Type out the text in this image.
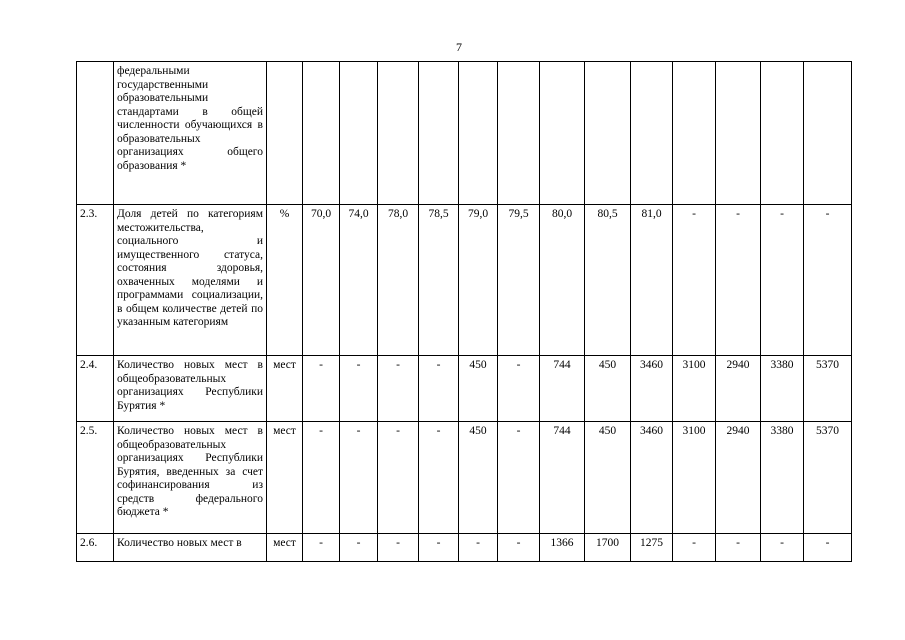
7
	федеральными государственными образовательными стандартами в общей численности обучающихся в образовательных организациях общего образования *														
2.3.	Доля детей по категориям местожительства, социального и имущественного статуса, состояния здоровья, охваченных моделями и программами социализации, в общем количестве детей по указанным категориям	%	70,0	74,0	78,0	78,5	79,0	79,5	80,0	80,5	81,0	-	-	-	-
2.4.	Количество новых мест в общеобразовательных организациях Республики Бурятия *	мест	-	-	-	-	450	-	744	450	3460	3100	2940	3380	5370
2.5.	Количество новых мест в общеобразовательных организациях Республики Бурятия, введенных за счет софинансирования из средств федерального бюджета *	мест	-	-	-	-	450	-	744	450	3460	3100	2940	3380	5370
2.6.	Количество новых мест в	мест	-	-	-	-	-	-	1366	1700	1275	-	-	-	-
